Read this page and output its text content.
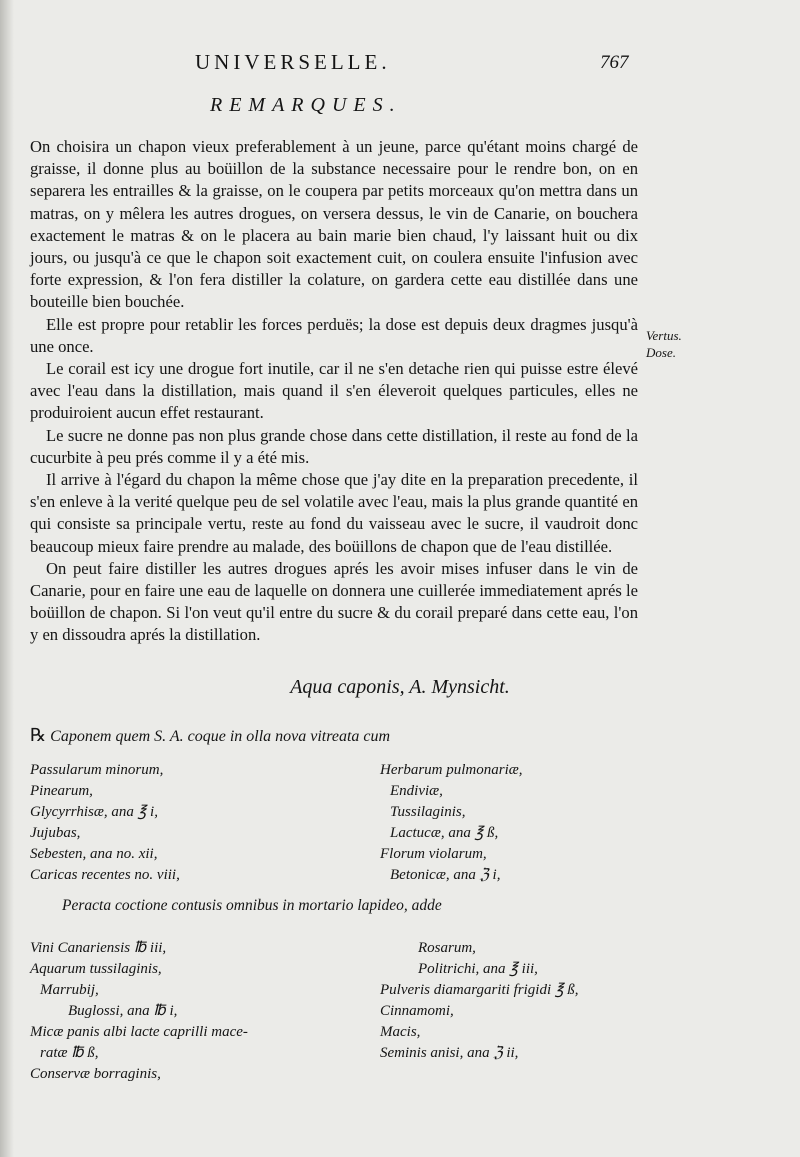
UNIVERSELLE.	767
REMARQUES.

On choisira un chapon vieux preferablement à un jeune, parce qu'étant moins chargé de graisse, il donne plus au boüillon de la substance necessaire pour le rendre bon, on en separera les entrailles & la graisse, on le coupera par petits morceaux qu'on mettra dans un matras, on y mêlera les autres drogues, on versera dessus, le vin de Canarie, on bouchera exactement le matras & on le placera au bain marie bien chaud, l'y laissant huit ou dix jours, ou jusqu'à ce que le chapon soit exactement cuit, on coulera ensuite l'infusion avec forte expression, & l'on fera distiller la colature, on gardera cette eau distillée dans une bouteille bien bouchée.

Elle est propre pour retablir les forces perduës; la dose est depuis deux dragmes jusqu'à une once.

Le corail est icy une drogue fort inutile, car il ne s'en detache rien qui puisse estre élevé avec l'eau dans la distillation, mais quand il s'en éleveroit quelques particules, elles ne produiroient aucun effet restaurant.

Le sucre ne donne pas non plus grande chose dans cette distillation, il reste au fond de la cucurbite à peu prés comme il y a été mis.

Il arrive à l'égard du chapon la même chose que j'ay dite en la preparation precedente, il s'en enleve à la verité quelque peu de sel volatile avec l'eau, mais la plus grande quantité en qui consiste sa principale vertu, reste au fond du vaisseau avec le sucre, il vaudroit donc beaucoup mieux faire prendre au malade, des boüillons de chapon que de l'eau distillée.

On peut faire distiller les autres drogues aprés les avoir mises infuser dans le vin de Canarie, pour en faire une eau de laquelle on donnera une cuillerée immediatement aprés le boüillon de chapon. Si l'on veut qu'il entre du sucre & du corail preparé dans cette eau, l'on y en dissoudra aprés la distillation.

Vertus.
Dose.
Aqua caponis, A. Mynsicht.
℞ Caponem quem S. A. coque in olla nova vitreata cum
Passularum minorum,
Pinearum,
Glycyrrhisæ, ana ℥ i,
Jujubas,
Sebesten, ana no. xii,
Caricas recentes no. viii,
Herbarum pulmonariæ,
Endiviæ,
Tussilaginis,
Lactucæ, ana ℥ ß,
Florum violarum,
Betonicæ, ana ℨ i,
Peracta coctione contusis omnibus in mortario lapideo, adde
Vini Canariensis ℔ iii,
Aquarum tussilaginis,
Marrubij,
Buglossi, ana ℔ i,
Micæ panis albi lacte caprilli mace-
ratæ ℔ ß,
Conservæ borraginis,
Rosarum,
Politrichi, ana ℥ iii,
Pulveris diamargariti frigidi ℥ ß,
Cinnamomi,
Macis,
Seminis anisi, ana ℨ ii,
